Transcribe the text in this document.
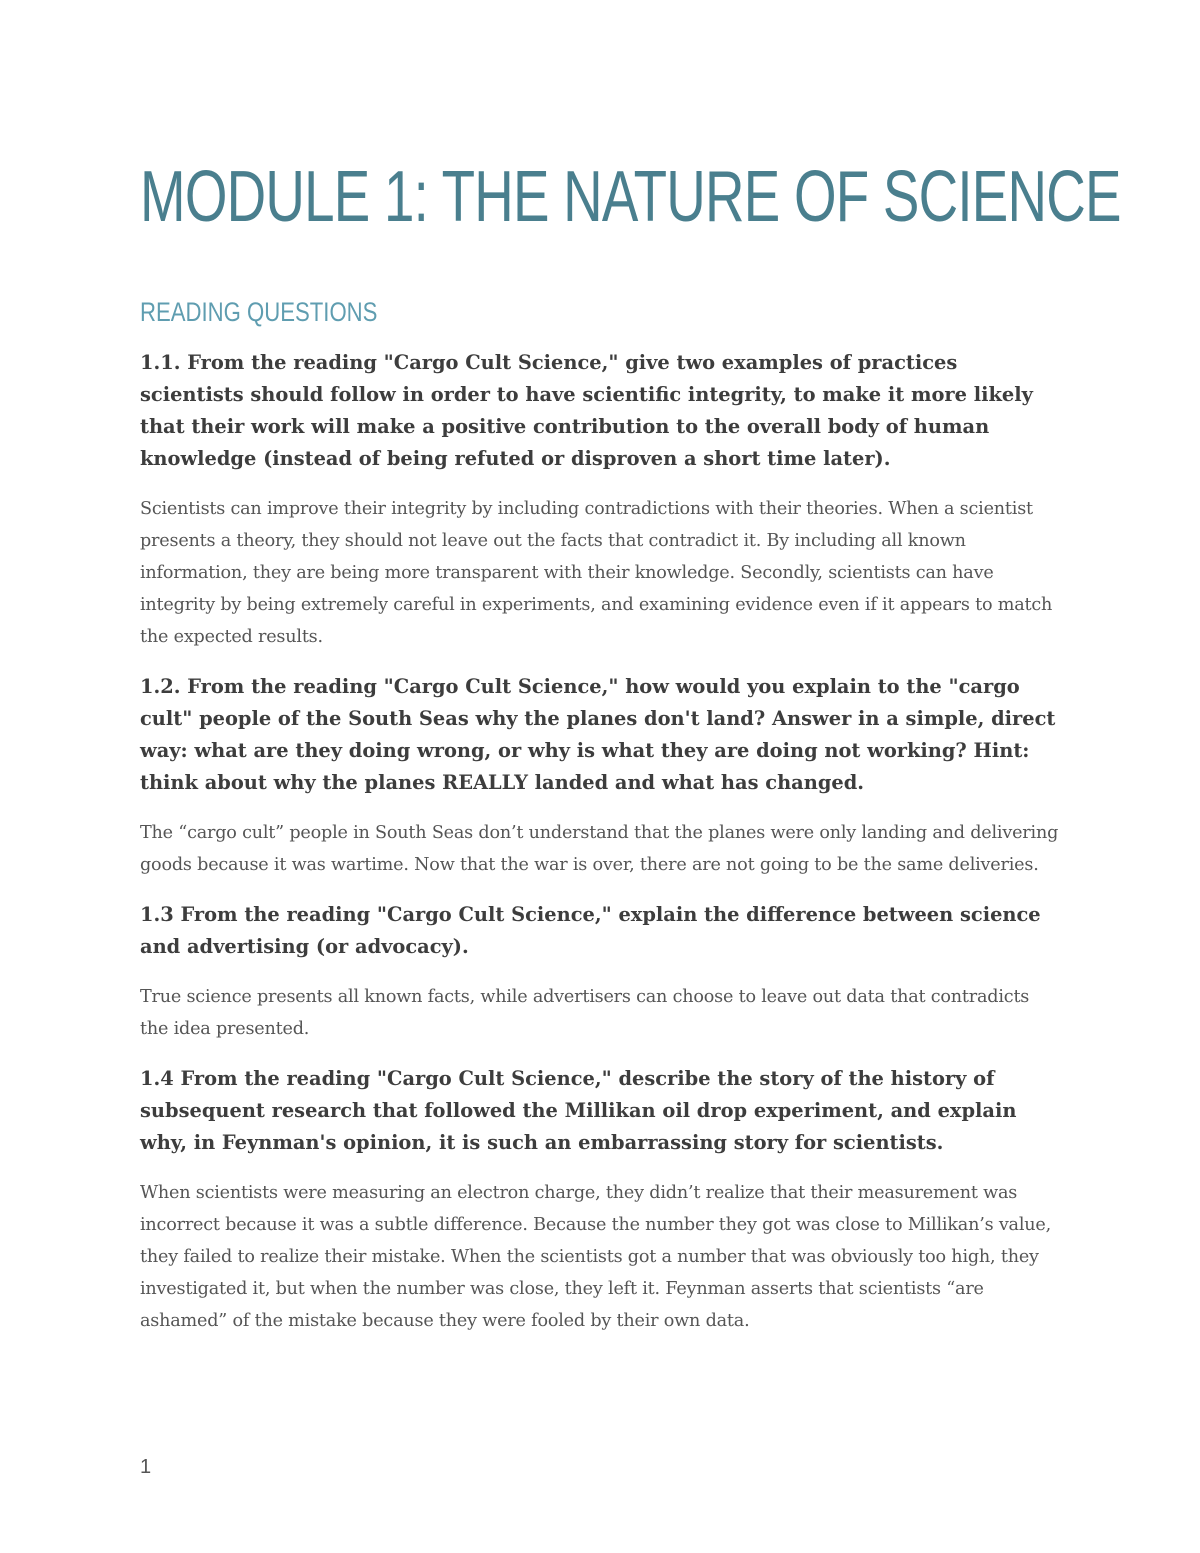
MODULE 1: THE NATURE OF SCIENCE
READING QUESTIONS

1.1. From the reading "Cargo Cult Science," give two examples of practices scientists should follow in order to have scientific integrity, to make it more likely that their work will make a positive contribution to the overall body of human knowledge (instead of being refuted or disproven a short time later).

Scientists can improve their integrity by including contradictions with their theories. When a scientist presents a theory, they should not leave out the facts that contradict it. By including all known information, they are being more transparent with their knowledge. Secondly, scientists can have integrity by being extremely careful in experiments, and examining evidence even if it appears to match the expected results.

1.2. From the reading "Cargo Cult Science," how would you explain to the "cargo cult" people of the South Seas why the planes don't land? Answer in a simple, direct way: what are they doing wrong, or why is what they are doing not working? Hint: think about why the planes REALLY landed and what has changed.

The “cargo cult” people in South Seas don’t understand that the planes were only landing and delivering goods because it was wartime. Now that the war is over, there are not going to be the same deliveries.

1.3 From the reading "Cargo Cult Science," explain the difference between science and advertising (or advocacy).

True science presents all known facts, while advertisers can choose to leave out data that contradicts the idea presented.

1.4 From the reading "Cargo Cult Science," describe the story of the history of subsequent research that followed the Millikan oil drop experiment, and explain why, in Feynman's opinion, it is such an embarrassing story for scientists.

When scientists were measuring an electron charge, they didn’t realize that their measurement was incorrect because it was a subtle difference. Because the number they got was close to Millikan’s value, they failed to realize their mistake. When the scientists got a number that was obviously too high, they investigated it, but when the number was close, they left it. Feynman asserts that scientists “are ashamed” of the mistake because they were fooled by their own data.

1
